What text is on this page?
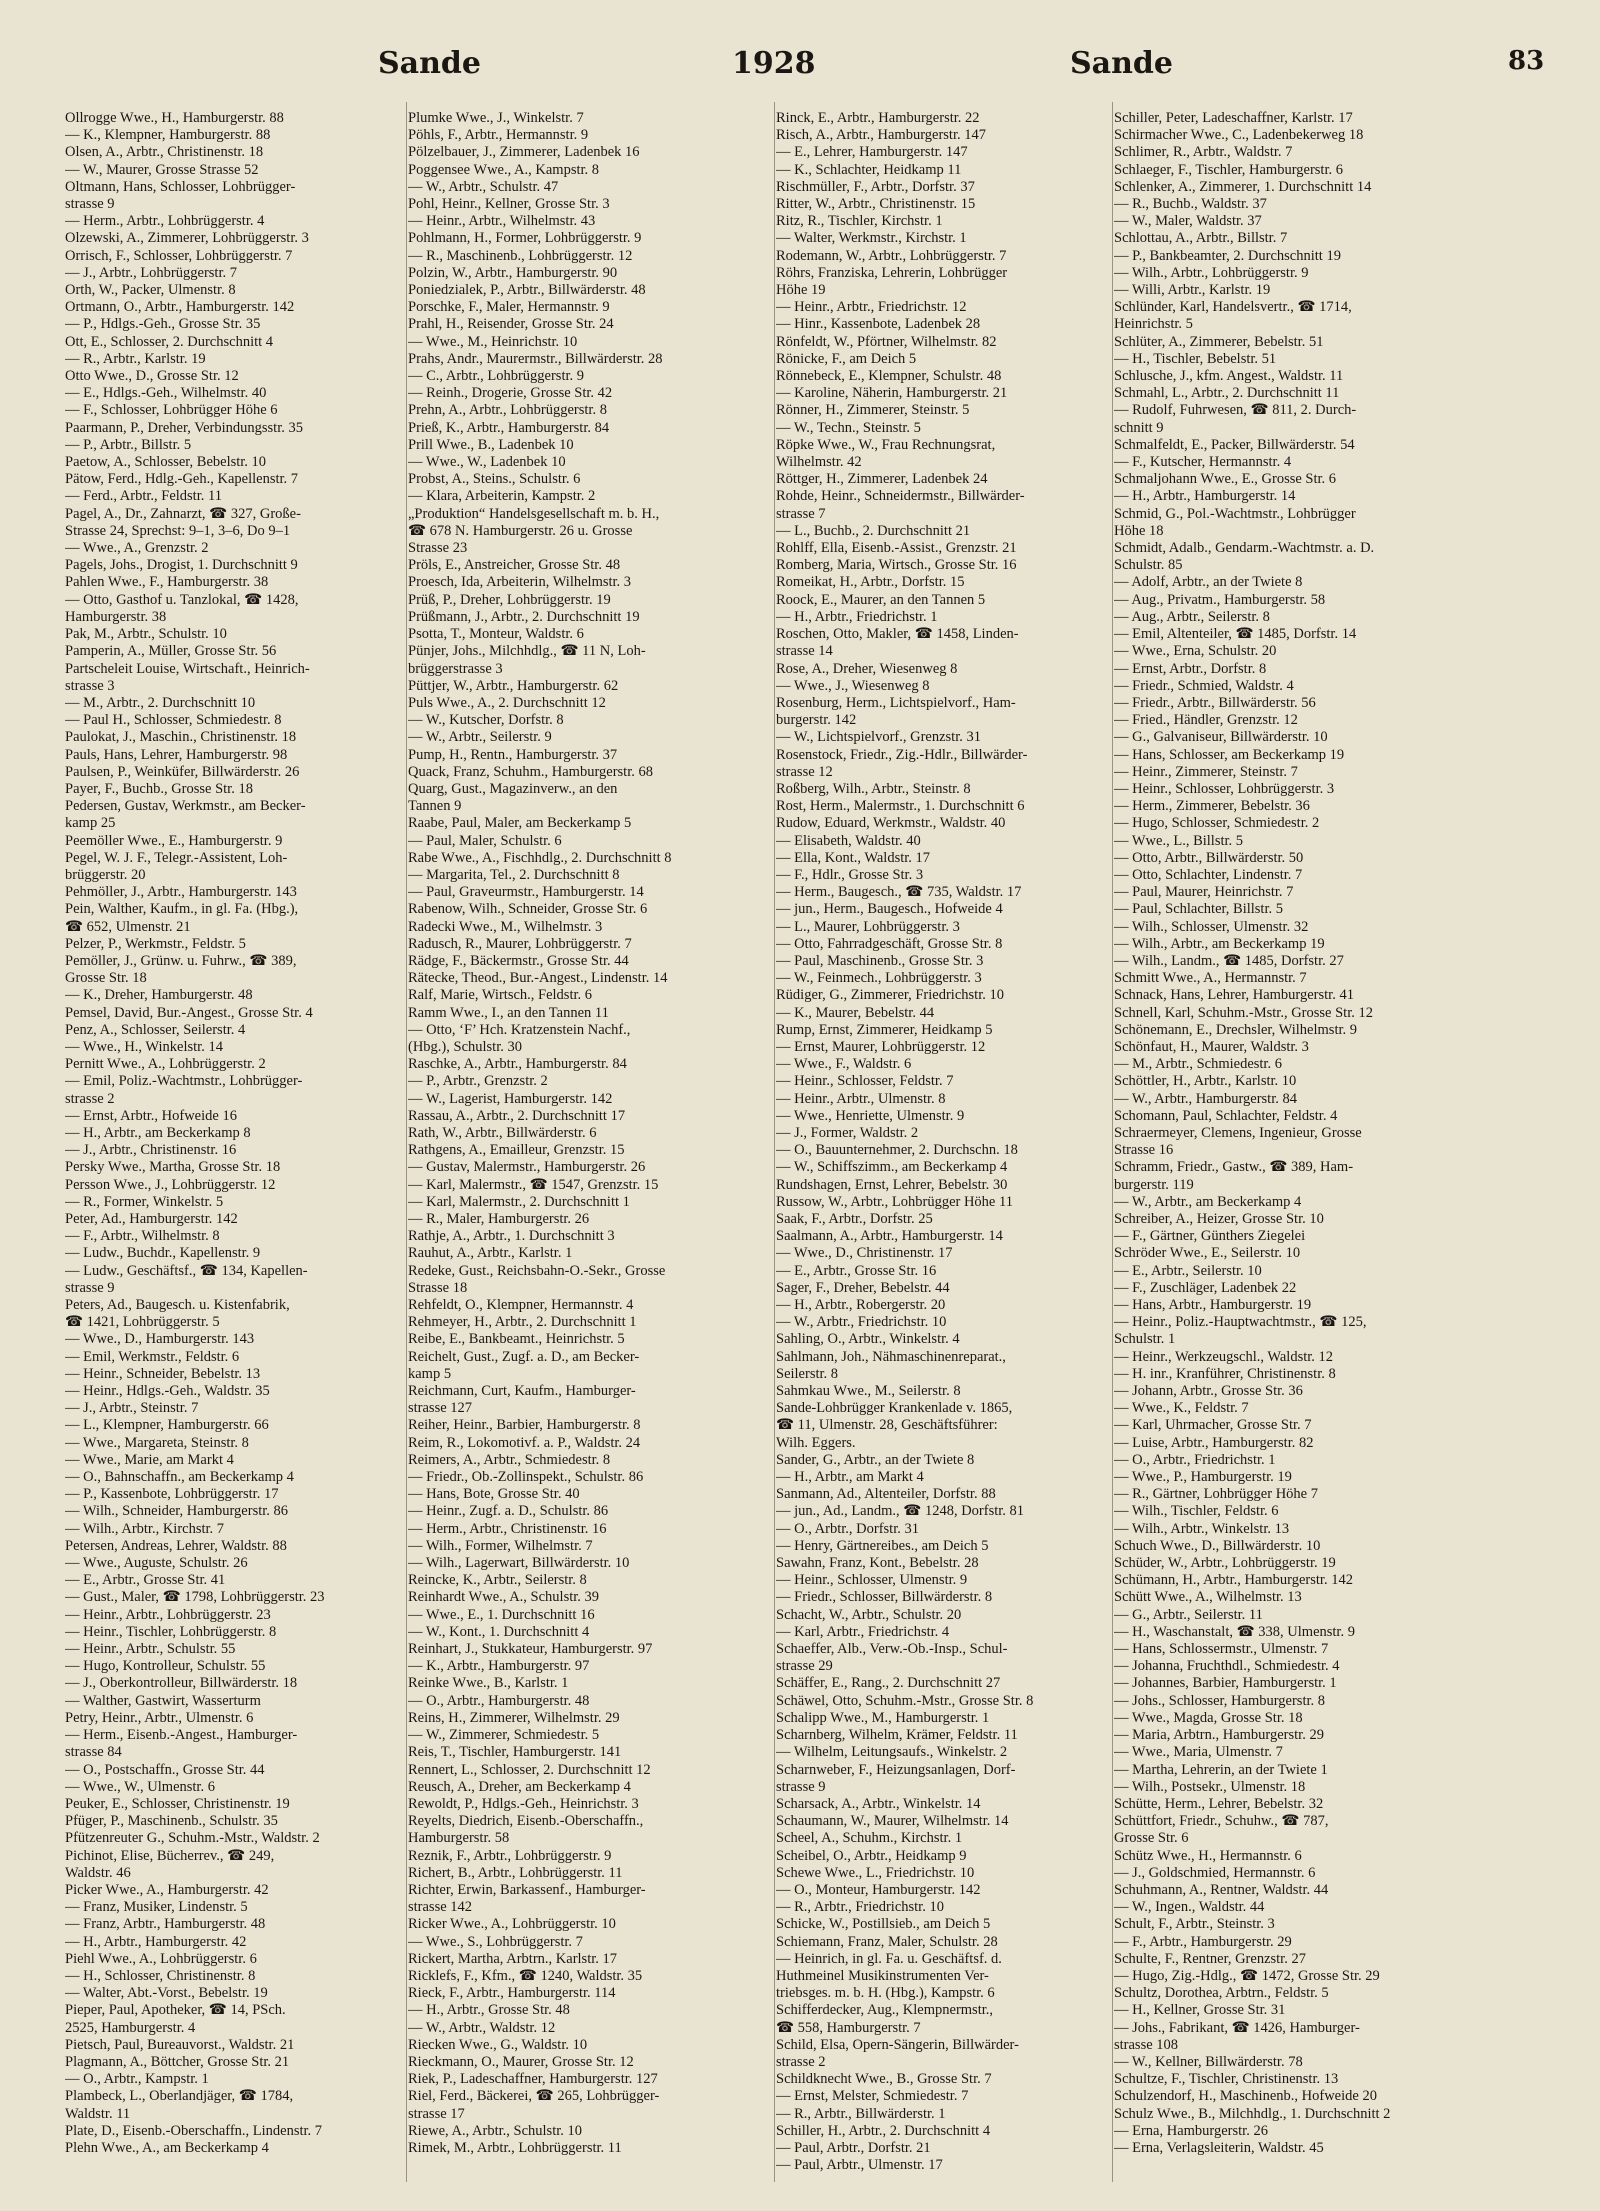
Sande	1928	Sande	83
Ollrogge Wwe., H., Hamburgerstr. 88
— K., Klempner, Hamburgerstr. 88
Olsen, A., Arbtr., Christinenstr. 18
— W., Maurer, Grosse Strasse 52
Oltmann, Hans, Schlosser, Lohbrügger-
strasse 9
— Herm., Arbtr., Lohbrüggerstr. 4
Olzewski, A., Zimmerer, Lohbrüggerstr. 3
Orrisch, F., Schlosser, Lohbrüggerstr. 7
— J., Arbtr., Lohbrüggerstr. 7
Orth, W., Packer, Ulmenstr. 8
Ortmann, O., Arbtr., Hamburgerstr. 142
— P., Hdlgs.-Geh., Grosse Str. 35
Ott, E., Schlosser, 2. Durchschnitt 4
— R., Arbtr., Karlstr. 19
Otto Wwe., D., Grosse Str. 12
— E., Hdlgs.-Geh., Wilhelmstr. 40
— F., Schlosser, Lohbrügger Höhe 6
Paarmann, P., Dreher, Verbindungsstr. 35
— P., Arbtr., Billstr. 5
Paetow, A., Schlosser, Bebelstr. 10
Pätow, Ferd., Hdlg.-Geh., Kapellenstr. 7
— Ferd., Arbtr., Feldstr. 11
Pagel, A., Dr., Zahnarzt, ☎ 327, Große-
Strasse 24, Sprechst: 9–1, 3–6, Do 9–1
— Wwe., A., Grenzstr. 2
Pagels, Johs., Drogist, 1. Durchschnitt 9
Pahlen Wwe., F., Hamburgerstr. 38
— Otto, Gasthof u. Tanzlokal, ☎ 1428,
Hamburgerstr. 38
Pak, M., Arbtr., Schulstr. 10
Pamperin, A., Müller, Grosse Str. 56
Partscheleit Louise, Wirtschaft., Heinrich-
strasse 3
— M., Arbtr., 2. Durchschnitt 10
— Paul H., Schlosser, Schmiedestr. 8
Paulokat, J., Maschin., Christinenstr. 18
Pauls, Hans, Lehrer, Hamburgerstr. 98
Paulsen, P., Weinküfer, Billwärderstr. 26
Payer, F., Buchb., Grosse Str. 18
Pedersen, Gustav, Werkmstr., am Becker-
kamp 25
Peemöller Wwe., E., Hamburgerstr. 9
Pegel, W. J. F., Telegr.-Assistent, Loh-
brüggerstr. 20
Pehmöller, J., Arbtr., Hamburgerstr. 143
Pein, Walther, Kaufm., in gl. Fa. (Hbg.),
☎ 652, Ulmenstr. 21
Pelzer, P., Werkmstr., Feldstr. 5
Pemöller, J., Grünw. u. Fuhrw., ☎ 389,
Grosse Str. 18
— K., Dreher, Hamburgerstr. 48
Pemsel, David, Bur.-Angest., Grosse Str. 4
Penz, A., Schlosser, Seilerstr. 4
— Wwe., H., Winkelstr. 14
Pernitt Wwe., A., Lohbrüggerstr. 2
— Emil, Poliz.-Wachtmstr., Lohbrügger-
strasse 2
— Ernst, Arbtr., Hofweide 16
— H., Arbtr., am Beckerkamp 8
— J., Arbtr., Christinenstr. 16
Persky Wwe., Martha, Grosse Str. 18
Persson Wwe., J., Lohbrüggerstr. 12
— R., Former, Winkelstr. 5
Peter, Ad., Hamburgerstr. 142
— F., Arbtr., Wilhelmstr. 8
— Ludw., Buchdr., Kapellenstr. 9
— Ludw., Geschäftsf., ☎ 134, Kapellen-
strasse 9
Peters, Ad., Baugesch. u. Kistenfabrik,
☎ 1421, Lohbrüggerstr. 5
— Wwe., D., Hamburgerstr. 143
— Emil, Werkmstr., Feldstr. 6
— Heinr., Schneider, Bebelstr. 13
— Heinr., Hdlgs.-Geh., Waldstr. 35
— J., Arbtr., Steinstr. 7
— L., Klempner, Hamburgerstr. 66
— Wwe., Margareta, Steinstr. 8
— Wwe., Marie, am Markt 4
— O., Bahnschaffn., am Beckerkamp 4
— P., Kassenbote, Lohbrüggerstr. 17
— Wilh., Schneider, Hamburgerstr. 86
— Wilh., Arbtr., Kirchstr. 7
Petersen, Andreas, Lehrer, Waldstr. 88
— Wwe., Auguste, Schulstr. 26
— E., Arbtr., Grosse Str. 41
— Gust., Maler, ☎ 1798, Lohbrüggerstr. 23
— Heinr., Arbtr., Lohbrüggerstr. 23
— Heinr., Tischler, Lohbrüggerstr. 8
— Heinr., Arbtr., Schulstr. 55
— Hugo, Kontrolleur, Schulstr. 55
— J., Oberkontrolleur, Billwärderstr. 18
— Walther, Gastwirt, Wasserturm
Petry, Heinr., Arbtr., Ulmenstr. 6
— Herm., Eisenb.-Angest., Hamburger-
strasse 84
— O., Postschaffn., Grosse Str. 44
— Wwe., W., Ulmenstr. 6
Peuker, E., Schlosser, Christinenstr. 19
Pfüger, P., Maschinenb., Schulstr. 35
Pfützenreuter G., Schuhm.-Mstr., Waldstr. 2
Pichinot, Elise, Bücherrev., ☎ 249,
Waldstr. 46
Picker Wwe., A., Hamburgerstr. 42
— Franz, Musiker, Lindenstr. 5
— Franz, Arbtr., Hamburgerstr. 48
— H., Arbtr., Hamburgerstr. 42
Piehl Wwe., A., Lohbrüggerstr. 6
— H., Schlosser, Christinenstr. 8
— Walter, Abt.-Vorst., Bebelstr. 19
Pieper, Paul, Apotheker, ☎ 14, PSch.
2525, Hamburgerstr. 4
Pietsch, Paul, Bureauvorst., Waldstr. 21
Plagmann, A., Böttcher, Grosse Str. 21
— O., Arbtr., Kampstr. 1
Plambeck, L., Oberlandjäger, ☎ 1784,
Waldstr. 11
Plate, D., Eisenb.-Oberschaffn., Lindenstr. 7
Plehn Wwe., A., am Beckerkamp 4
Plumke Wwe., J., Winkelstr. 7
Pöhls, F., Arbtr., Hermannstr. 9
Pölzelbauer, J., Zimmerer, Ladenbek 16
Poggensee Wwe., A., Kampstr. 8
— W., Arbtr., Schulstr. 47
Pohl, Heinr., Kellner, Grosse Str. 3
— Heinr., Arbtr., Wilhelmstr. 43
Pohlmann, H., Former, Lohbrüggerstr. 9
— R., Maschinenb., Lohbrüggerstr. 12
Polzin, W., Arbtr., Hamburgerstr. 90
Poniedzialek, P., Arbtr., Billwärderstr. 48
Porschke, F., Maler, Hermannstr. 9
Prahl, H., Reisender, Grosse Str. 24
— Wwe., M., Heinrichstr. 10
Prahs, Andr., Maurermstr., Billwärderstr. 28
— C., Arbtr., Lohbrüggerstr. 9
— Reinh., Drogerie, Grosse Str. 42
Prehn, A., Arbtr., Lohbrüggerstr. 8
Prieß, K., Arbtr., Hamburgerstr. 84
Prill Wwe., B., Ladenbek 10
— Wwe., W., Ladenbek 10
Probst, A., Steins., Schulstr. 6
— Klara, Arbeiterin, Kampstr. 2
„Produktion“ Handelsgesellschaft m. b. H.,
☎ 678 N. Hamburgerstr. 26 u. Grosse
Strasse 23
Pröls, E., Anstreicher, Grosse Str. 48
Proesch, Ida, Arbeiterin, Wilhelmstr. 3
Prüß, P., Dreher, Lohbrüggerstr. 19
Prüßmann, J., Arbtr., 2. Durchschnitt 19
Psotta, T., Monteur, Waldstr. 6
Pünjer, Johs., Milchhdlg., ☎ 11 N, Loh-
brüggerstrasse 3
Püttjer, W., Arbtr., Hamburgerstr. 62
Puls Wwe., A., 2. Durchschnitt 12
— W., Kutscher, Dorfstr. 8
— W., Arbtr., Seilerstr. 9
Pump, H., Rentn., Hamburgerstr. 37
Quack, Franz, Schuhm., Hamburgerstr. 68
Quarg, Gust., Magazinverw., an den
Tannen 9
Raabe, Paul, Maler, am Beckerkamp 5
— Paul, Maler, Schulstr. 6
Rabe Wwe., A., Fischhdlg., 2. Durchschnitt 8
— Margarita, Tel., 2. Durchschnitt 8
— Paul, Graveurmstr., Hamburgerstr. 14
Rabenow, Wilh., Schneider, Grosse Str. 6
Radecki Wwe., M., Wilhelmstr. 3
Radusch, R., Maurer, Lohbrüggerstr. 7
Rädge, F., Bäckermstr., Grosse Str. 44
Rätecke, Theod., Bur.-Angest., Lindenstr. 14
Ralf, Marie, Wirtsch., Feldstr. 6
Ramm Wwe., I., an den Tannen 11
— Otto, ‘F’ Hch. Kratzenstein Nachf.,
(Hbg.), Schulstr. 30
Raschke, A., Arbtr., Hamburgerstr. 84
— P., Arbtr., Grenzstr. 2
— W., Lagerist, Hamburgerstr. 142
Rassau, A., Arbtr., 2. Durchschnitt 17
Rath, W., Arbtr., Billwärderstr. 6
Rathgens, A., Emailleur, Grenzstr. 15
— Gustav, Malermstr., Hamburgerstr. 26
— Karl, Malermstr., ☎ 1547, Grenzstr. 15
— Karl, Malermstr., 2. Durchschnitt 1
— R., Maler, Hamburgerstr. 26
Rathje, A., Arbtr., 1. Durchschnitt 3
Rauhut, A., Arbtr., Karlstr. 1
Redeke, Gust., Reichsbahn-O.-Sekr., Grosse
Strasse 18
Rehfeldt, O., Klempner, Hermannstr. 4
Rehmeyer, H., Arbtr., 2. Durchschnitt 1
Reibe, E., Bankbeamt., Heinrichstr. 5
Reichelt, Gust., Zugf. a. D., am Becker-
kamp 5
Reichmann, Curt, Kaufm., Hamburger-
strasse 127
Reiher, Heinr., Barbier, Hamburgerstr. 8
Reim, R., Lokomotivf. a. P., Waldstr. 24
Reimers, A., Arbtr., Schmiedestr. 8
— Friedr., Ob.-Zollinspekt., Schulstr. 86
— Hans, Bote, Grosse Str. 40
— Heinr., Zugf. a. D., Schulstr. 86
— Herm., Arbtr., Christinenstr. 16
— Wilh., Former, Wilhelmstr. 7
— Wilh., Lagerwart, Billwärderstr. 10
Reincke, K., Arbtr., Seilerstr. 8
Reinhardt Wwe., A., Schulstr. 39
— Wwe., E., 1. Durchschnitt 16
— W., Kont., 1. Durchschnitt 4
Reinhart, J., Stukkateur, Hamburgerstr. 97
— K., Arbtr., Hamburgerstr. 97
Reinke Wwe., B., Karlstr. 1
— O., Arbtr., Hamburgerstr. 48
Reins, H., Zimmerer, Wilhelmstr. 29
— W., Zimmerer, Schmiedestr. 5
Reis, T., Tischler, Hamburgerstr. 141
Rennert, L., Schlosser, 2. Durchschnitt 12
Reusch, A., Dreher, am Beckerkamp 4
Rewoldt, P., Hdlgs.-Geh., Heinrichstr. 3
Reyelts, Diedrich, Eisenb.-Oberschaffn.,
Hamburgerstr. 58
Reznik, F., Arbtr., Lohbrüggerstr. 9
Richert, B., Arbtr., Lohbrüggerstr. 11
Richter, Erwin, Barkassenf., Hamburger-
strasse 142
Ricker Wwe., A., Lohbrüggerstr. 10
— Wwe., S., Lohbrüggerstr. 7
Rickert, Martha, Arbtrn., Karlstr. 17
Ricklefs, F., Kfm., ☎ 1240, Waldstr. 35
Rieck, F., Arbtr., Hamburgerstr. 114
— H., Arbtr., Grosse Str. 48
— W., Arbtr., Waldstr. 12
Riecken Wwe., G., Waldstr. 10
Rieckmann, O., Maurer, Grosse Str. 12
Riek, P., Ladeschaffner, Hamburgerstr. 127
Riel, Ferd., Bäckerei, ☎ 265, Lohbrügger-
strasse 17
Riewe, A., Arbtr., Schulstr. 10
Rimek, M., Arbtr., Lohbrüggerstr. 11
Rinck, E., Arbtr., Hamburgerstr. 22
Risch, A., Arbtr., Hamburgerstr. 147
— E., Lehrer, Hamburgerstr. 147
— K., Schlachter, Heidkamp 11
Rischmüller, F., Arbtr., Dorfstr. 37
Ritter, W., Arbtr., Christinenstr. 15
Ritz, R., Tischler, Kirchstr. 1
— Walter, Werkmstr., Kirchstr. 1
Rodemann, W., Arbtr., Lohbrüggerstr. 7
Röhrs, Franziska, Lehrerin, Lohbrügger
Höhe 19
— Heinr., Arbtr., Friedrichstr. 12
— Hinr., Kassenbote, Ladenbek 28
Rönfeldt, W., Pförtner, Wilhelmstr. 82
Rönicke, F., am Deich 5
Rönnebeck, E., Klempner, Schulstr. 48
— Karoline, Näherin, Hamburgerstr. 21
Rönner, H., Zimmerer, Steinstr. 5
— W., Techn., Steinstr. 5
Röpke Wwe., W., Frau Rechnungsrat,
Wilhelmstr. 42
Röttger, H., Zimmerer, Ladenbek 24
Rohde, Heinr., Schneidermstr., Billwärder-
strasse 7
— L., Buchb., 2. Durchschnitt 21
Rohlff, Ella, Eisenb.-Assist., Grenzstr. 21
Romberg, Maria, Wirtsch., Grosse Str. 16
Romeikat, H., Arbtr., Dorfstr. 15
Roock, E., Maurer, an den Tannen 5
— H., Arbtr., Friedrichstr. 1
Roschen, Otto, Makler, ☎ 1458, Linden-
strasse 14
Rose, A., Dreher, Wiesenweg 8
— Wwe., J., Wiesenweg 8
Rosenburg, Herm., Lichtspielvorf., Ham-
burgerstr. 142
— W., Lichtspielvorf., Grenzstr. 31
Rosenstock, Friedr., Zig.-Hdlr., Billwärder-
strasse 12
Roßberg, Wilh., Arbtr., Steinstr. 8
Rost, Herm., Malermstr., 1. Durchschnitt 6
Rudow, Eduard, Werkmstr., Waldstr. 40
— Elisabeth, Waldstr. 40
— Ella, Kont., Waldstr. 17
— F., Hdlr., Grosse Str. 3
— Herm., Baugesch., ☎ 735, Waldstr. 17
— jun., Herm., Baugesch., Hofweide 4
— L., Maurer, Lohbrüggerstr. 3
— Otto, Fahrradgeschäft, Grosse Str. 8
— Paul, Maschinenb., Grosse Str. 3
— W., Feinmech., Lohbrüggerstr. 3
Rüdiger, G., Zimmerer, Friedrichstr. 10
— K., Maurer, Bebelstr. 44
Rump, Ernst, Zimmerer, Heidkamp 5
— Ernst, Maurer, Lohbrüggerstr. 12
— Wwe., F., Waldstr. 6
— Heinr., Schlosser, Feldstr. 7
— Heinr., Arbtr., Ulmenstr. 8
— Wwe., Henriette, Ulmenstr. 9
— J., Former, Waldstr. 2
— O., Bauunternehmer, 2. Durchschn. 18
— W., Schiffszimm., am Beckerkamp 4
Rundshagen, Ernst, Lehrer, Bebelstr. 30
Russow, W., Arbtr., Lohbrügger Höhe 11
Saak, F., Arbtr., Dorfstr. 25
Saalmann, A., Arbtr., Hamburgerstr. 14
— Wwe., D., Christinenstr. 17
— E., Arbtr., Grosse Str. 16
Sager, F., Dreher, Bebelstr. 44
— H., Arbtr., Robergerstr. 20
— W., Arbtr., Friedrichstr. 10
Sahling, O., Arbtr., Winkelstr. 4
Sahlmann, Joh., Nähmaschinenreparat.,
Seilerstr. 8
Sahmkau Wwe., M., Seilerstr. 8
Sande-Lohbrügger Krankenlade v. 1865,
☎ 11, Ulmenstr. 28, Geschäftsführer:
Wilh. Eggers.
Sander, G., Arbtr., an der Twiete 8
— H., Arbtr., am Markt 4
Sanmann, Ad., Altenteiler, Dorfstr. 88
— jun., Ad., Landm., ☎ 1248, Dorfstr. 81
— O., Arbtr., Dorfstr. 31
— Henry, Gärtnereibes., am Deich 5
Sawahn, Franz, Kont., Bebelstr. 28
— Heinr., Schlosser, Ulmenstr. 9
— Friedr., Schlosser, Billwärderstr. 8
Schacht, W., Arbtr., Schulstr. 20
— Karl, Arbtr., Friedrichstr. 4
Schaeffer, Alb., Verw.-Ob.-Insp., Schul-
strasse 29
Schäffer, E., Rang., 2. Durchschnitt 27
Schäwel, Otto, Schuhm.-Mstr., Grosse Str. 8
Schalipp Wwe., M., Hamburgerstr. 1
Scharnberg, Wilhelm, Krämer, Feldstr. 11
— Wilhelm, Leitungsaufs., Winkelstr. 2
Scharnweber, F., Heizungsanlagen, Dorf-
strasse 9
Scharsack, A., Arbtr., Winkelstr. 14
Schaumann, W., Maurer, Wilhelmstr. 14
Scheel, A., Schuhm., Kirchstr. 1
Scheibel, O., Arbtr., Heidkamp 9
Schewe Wwe., L., Friedrichstr. 10
— O., Monteur, Hamburgerstr. 142
— R., Arbtr., Friedrichstr. 10
Schicke, W., Postillsieb., am Deich 5
Schiemann, Franz, Maler, Schulstr. 28
— Heinrich, in gl. Fa. u. Geschäftsf. d.
Huthmeinel Musikinstrumenten Ver-
triebsges. m. b. H. (Hbg.), Kampstr. 6
Schifferdecker, Aug., Klempnermstr.,
☎ 558, Hamburgerstr. 7
Schild, Elsa, Opern-Sängerin, Billwärder-
strasse 2
Schildknecht Wwe., B., Grosse Str. 7
— Ernst, Melster, Schmiedestr. 7
— R., Arbtr., Billwärderstr. 1
Schiller, H., Arbtr., 2. Durchschnitt 4
— Paul, Arbtr., Dorfstr. 21
— Paul, Arbtr., Ulmenstr. 17
Schiller, Peter, Ladeschaffner, Karlstr. 17
Schirmacher Wwe., C., Ladenbekerweg 18
Schlimer, R., Arbtr., Waldstr. 7
Schlaeger, F., Tischler, Hamburgerstr. 6
Schlenker, A., Zimmerer, 1. Durchschnitt 14
— R., Buchb., Waldstr. 37
— W., Maler, Waldstr. 37
Schlottau, A., Arbtr., Billstr. 7
— P., Bankbeamter, 2. Durchschnitt 19
— Wilh., Arbtr., Lohbrüggerstr. 9
— Willi, Arbtr., Karlstr. 19
Schlünder, Karl, Handelsvertr., ☎ 1714,
Heinrichstr. 5
Schlüter, A., Zimmerer, Bebelstr. 51
— H., Tischler, Bebelstr. 51
Schlusche, J., kfm. Angest., Waldstr. 11
Schmahl, L., Arbtr., 2. Durchschnitt 11
— Rudolf, Fuhrwesen, ☎ 811, 2. Durch-
schnitt 9
Schmalfeldt, E., Packer, Billwärderstr. 54
— F., Kutscher, Hermannstr. 4
Schmaljohann Wwe., E., Grosse Str. 6
— H., Arbtr., Hamburgerstr. 14
Schmid, G., Pol.-Wachtmstr., Lohbrügger
Höhe 18
Schmidt, Adalb., Gendarm.-Wachtmstr. a. D.
Schulstr. 85
— Adolf, Arbtr., an der Twiete 8
— Aug., Privatm., Hamburgerstr. 58
— Aug., Arbtr., Seilerstr. 8
— Emil, Altenteiler, ☎ 1485, Dorfstr. 14
— Wwe., Erna, Schulstr. 20
— Ernst, Arbtr., Dorfstr. 8
— Friedr., Schmied, Waldstr. 4
— Friedr., Arbtr., Billwärderstr. 56
— Fried., Händler, Grenzstr. 12
— G., Galvaniseur, Billwärderstr. 10
— Hans, Schlosser, am Beckerkamp 19
— Heinr., Zimmerer, Steinstr. 7
— Heinr., Schlosser, Lohbrüggerstr. 3
— Herm., Zimmerer, Bebelstr. 36
— Hugo, Schlosser, Schmiedestr. 2
— Wwe., L., Billstr. 5
— Otto, Arbtr., Billwärderstr. 50
— Otto, Schlachter, Lindenstr. 7
— Paul, Maurer, Heinrichstr. 7
— Paul, Schlachter, Billstr. 5
— Wilh., Schlosser, Ulmenstr. 32
— Wilh., Arbtr., am Beckerkamp 19
— Wilh., Landm., ☎ 1485, Dorfstr. 27
Schmitt Wwe., A., Hermannstr. 7
Schnack, Hans, Lehrer, Hamburgerstr. 41
Schnell, Karl, Schuhm.-Mstr., Grosse Str. 12
Schönemann, E., Drechsler, Wilhelmstr. 9
Schönfaut, H., Maurer, Waldstr. 3
— M., Arbtr., Schmiedestr. 6
Schöttler, H., Arbtr., Karlstr. 10
— W., Arbtr., Hamburgerstr. 84
Schomann, Paul, Schlachter, Feldstr. 4
Schraermeyer, Clemens, Ingenieur, Grosse
Strasse 16
Schramm, Friedr., Gastw., ☎ 389, Ham-
burgerstr. 119
— W., Arbtr., am Beckerkamp 4
Schreiber, A., Heizer, Grosse Str. 10
— F., Gärtner, Günthers Ziegelei
Schröder Wwe., E., Seilerstr. 10
— E., Arbtr., Seilerstr. 10
— F., Zuschläger, Ladenbek 22
— Hans, Arbtr., Hamburgerstr. 19
— Heinr., Poliz.-Hauptwachtmstr., ☎ 125,
Schulstr. 1
— Heinr., Werkzeugschl., Waldstr. 12
— H. inr., Kranführer, Christinenstr. 8
— Johann, Arbtr., Grosse Str. 36
— Wwe., K., Feldstr. 7
— Karl, Uhrmacher, Grosse Str. 7
— Luise, Arbtr., Hamburgerstr. 82
— O., Arbtr., Friedrichstr. 1
— Wwe., P., Hamburgerstr. 19
— R., Gärtner, Lohbrügger Höhe 7
— Wilh., Tischler, Feldstr. 6
— Wilh., Arbtr., Winkelstr. 13
Schuch Wwe., D., Billwärderstr. 10
Schüder, W., Arbtr., Lohbrüggerstr. 19
Schümann, H., Arbtr., Hamburgerstr. 142
Schütt Wwe., A., Wilhelmstr. 13
— G., Arbtr., Seilerstr. 11
— H., Waschanstalt, ☎ 338, Ulmenstr. 9
— Hans, Schlossermstr., Ulmenstr. 7
— Johanna, Fruchthdl., Schmiedestr. 4
— Johannes, Barbier, Hamburgerstr. 1
— Johs., Schlosser, Hamburgerstr. 8
— Wwe., Magda, Grosse Str. 18
— Maria, Arbtrn., Hamburgerstr. 29
— Wwe., Maria, Ulmenstr. 7
— Martha, Lehrerin, an der Twiete 1
— Wilh., Postsekr., Ulmenstr. 18
Schütte, Herm., Lehrer, Bebelstr. 32
Schüttfort, Friedr., Schuhw., ☎ 787,
Grosse Str. 6
Schütz Wwe., H., Hermannstr. 6
— J., Goldschmied, Hermannstr. 6
Schuhmann, A., Rentner, Waldstr. 44
— W., Ingen., Waldstr. 44
Schult, F., Arbtr., Steinstr. 3
— F., Arbtr., Hamburgerstr. 29
Schulte, F., Rentner, Grenzstr. 27
— Hugo, Zig.-Hdlg., ☎ 1472, Grosse Str. 29
Schultz, Dorothea, Arbtrn., Feldstr. 5
— H., Kellner, Grosse Str. 31
— Johs., Fabrikant, ☎ 1426, Hamburger-
strasse 108
— W., Kellner, Billwärderstr. 78
Schultze, F., Tischler, Christinenstr. 13
Schulzendorf, H., Maschinenb., Hofweide 20
Schulz Wwe., B., Milchhdlg., 1. Durchschnitt 2
— Erna, Hamburgerstr. 26
— Erna, Verlagsleiterin, Waldstr. 45
